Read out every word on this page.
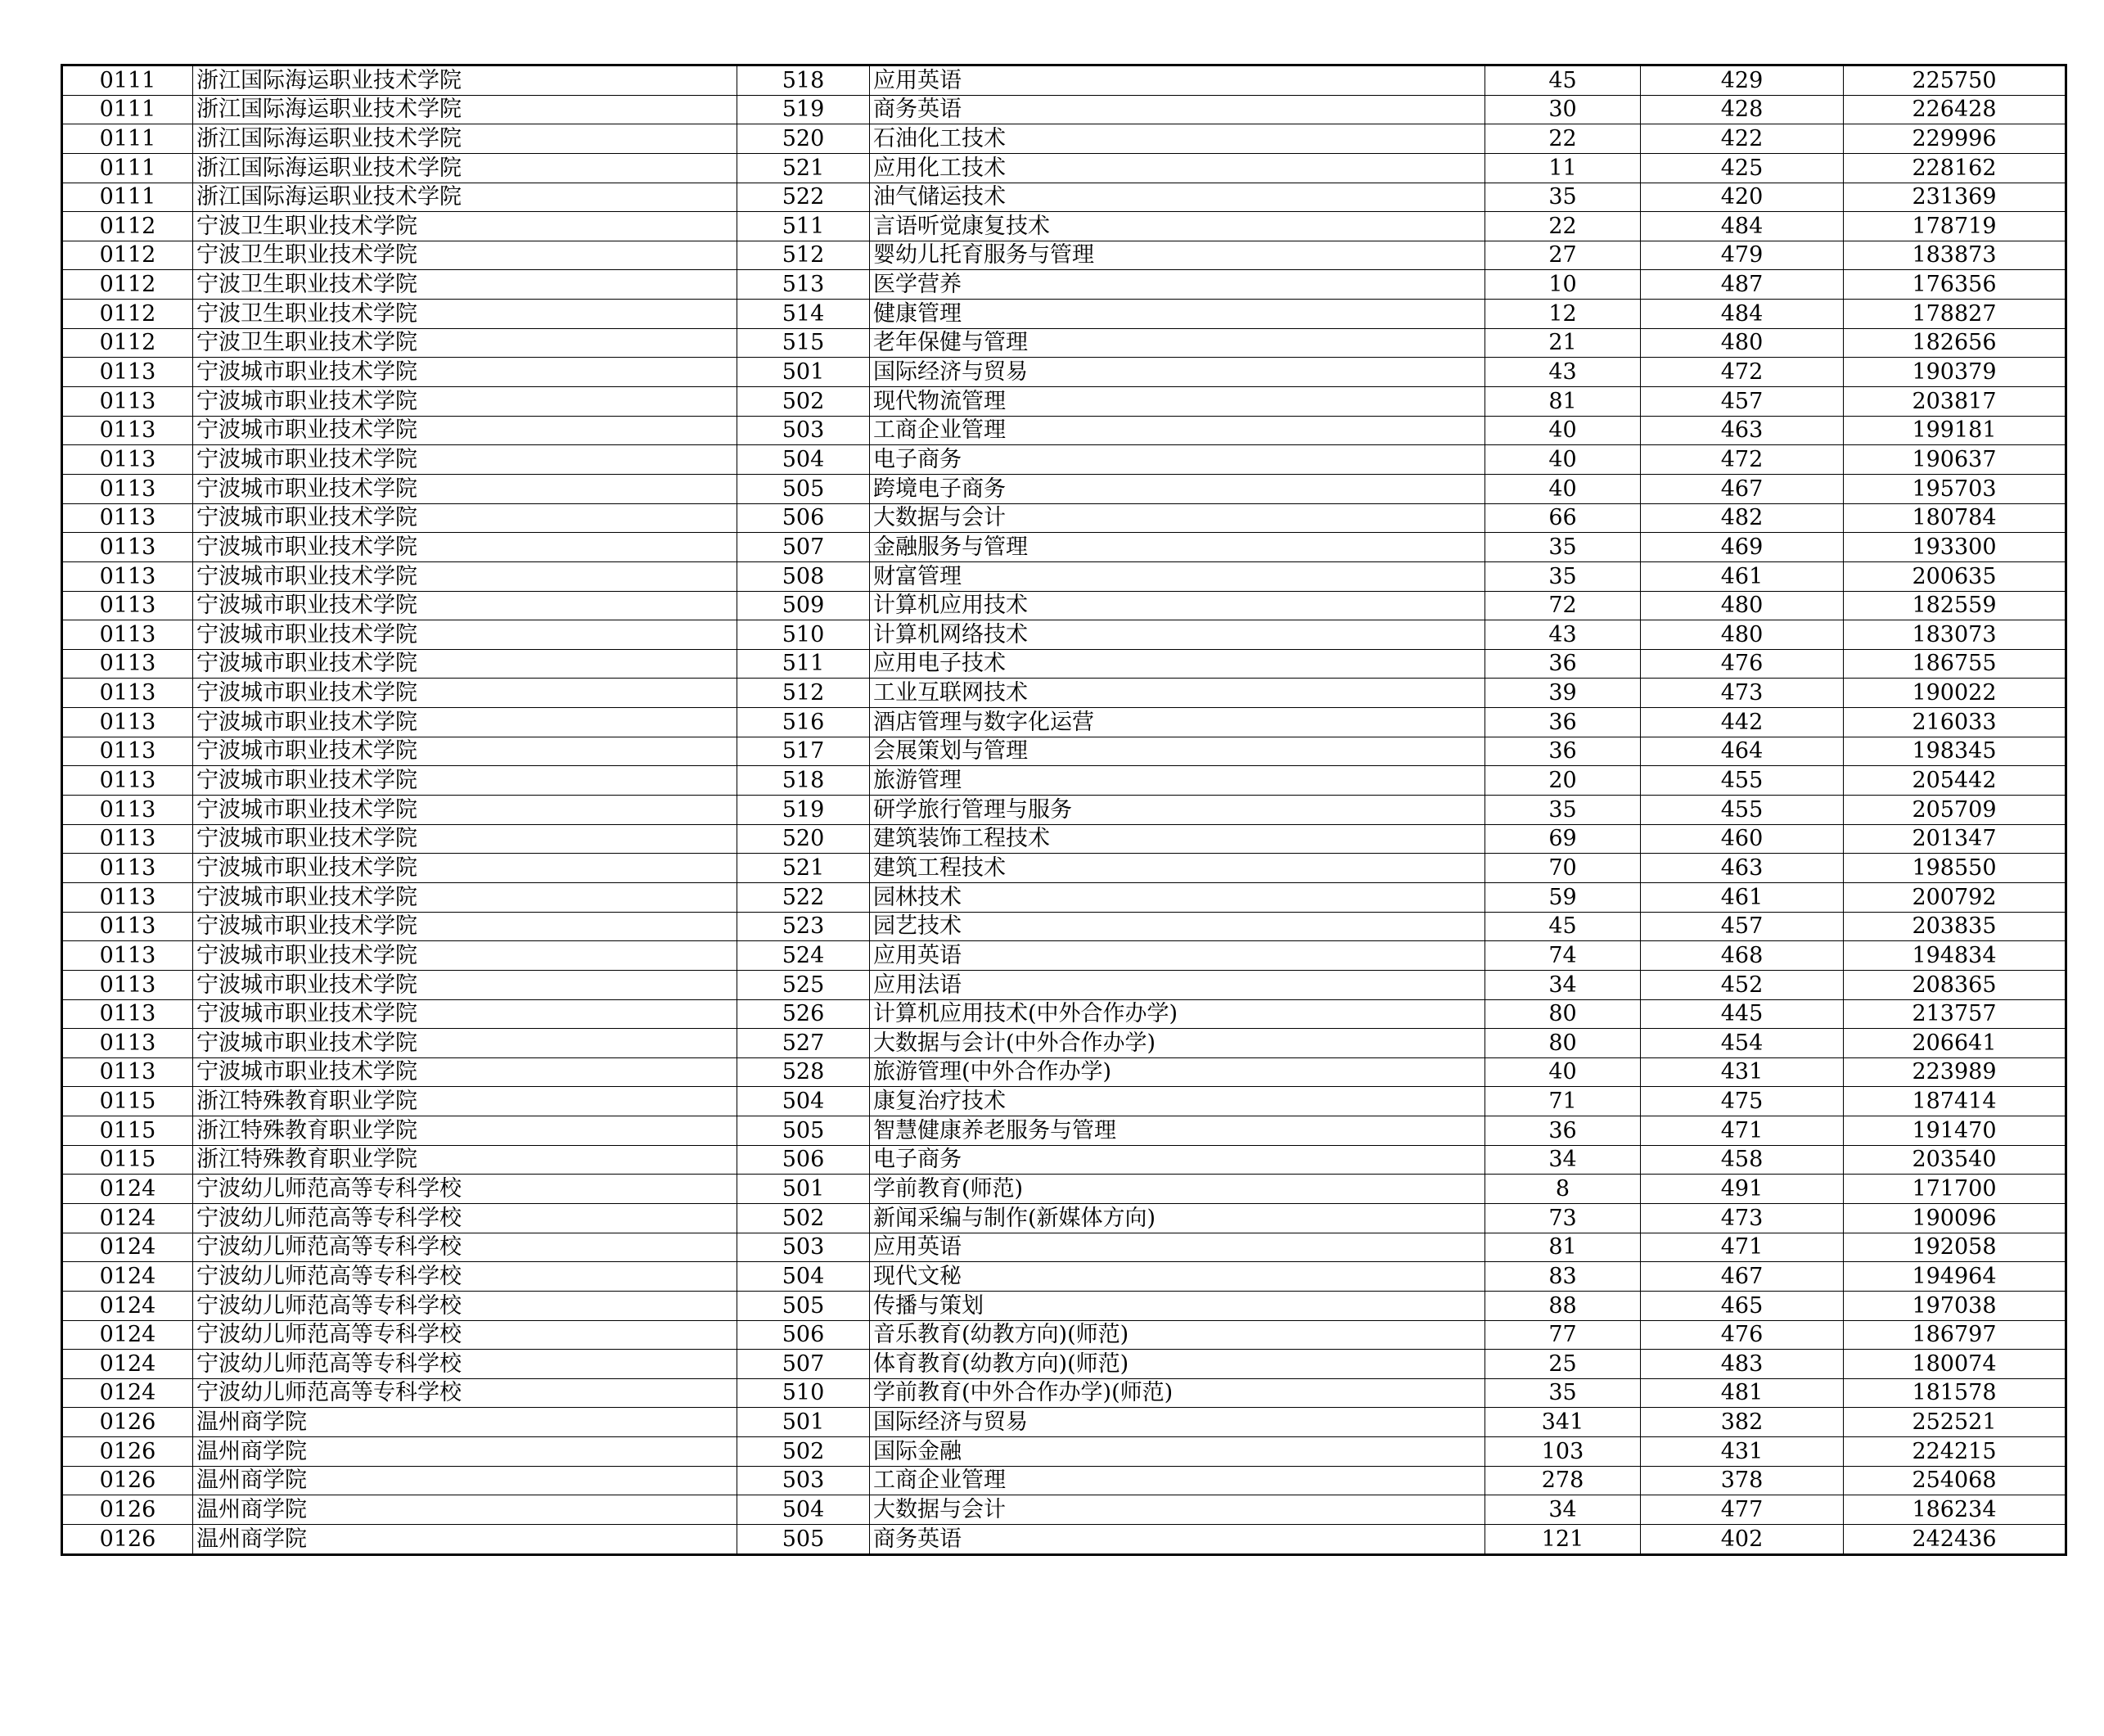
0111	浙江国际海运职业技术学院	518	应用英语	45	429	225750
0111	浙江国际海运职业技术学院	519	商务英语	30	428	226428
0111	浙江国际海运职业技术学院	520	石油化工技术	22	422	229996
0111	浙江国际海运职业技术学院	521	应用化工技术	11	425	228162
0111	浙江国际海运职业技术学院	522	油气储运技术	35	420	231369
0112	宁波卫生职业技术学院	511	言语听觉康复技术	22	484	178719
0112	宁波卫生职业技术学院	512	婴幼儿托育服务与管理	27	479	183873
0112	宁波卫生职业技术学院	513	医学营养	10	487	176356
0112	宁波卫生职业技术学院	514	健康管理	12	484	178827
0112	宁波卫生职业技术学院	515	老年保健与管理	21	480	182656
0113	宁波城市职业技术学院	501	国际经济与贸易	43	472	190379
0113	宁波城市职业技术学院	502	现代物流管理	81	457	203817
0113	宁波城市职业技术学院	503	工商企业管理	40	463	199181
0113	宁波城市职业技术学院	504	电子商务	40	472	190637
0113	宁波城市职业技术学院	505	跨境电子商务	40	467	195703
0113	宁波城市职业技术学院	506	大数据与会计	66	482	180784
0113	宁波城市职业技术学院	507	金融服务与管理	35	469	193300
0113	宁波城市职业技术学院	508	财富管理	35	461	200635
0113	宁波城市职业技术学院	509	计算机应用技术	72	480	182559
0113	宁波城市职业技术学院	510	计算机网络技术	43	480	183073
0113	宁波城市职业技术学院	511	应用电子技术	36	476	186755
0113	宁波城市职业技术学院	512	工业互联网技术	39	473	190022
0113	宁波城市职业技术学院	516	酒店管理与数字化运营	36	442	216033
0113	宁波城市职业技术学院	517	会展策划与管理	36	464	198345
0113	宁波城市职业技术学院	518	旅游管理	20	455	205442
0113	宁波城市职业技术学院	519	研学旅行管理与服务	35	455	205709
0113	宁波城市职业技术学院	520	建筑装饰工程技术	69	460	201347
0113	宁波城市职业技术学院	521	建筑工程技术	70	463	198550
0113	宁波城市职业技术学院	522	园林技术	59	461	200792
0113	宁波城市职业技术学院	523	园艺技术	45	457	203835
0113	宁波城市职业技术学院	524	应用英语	74	468	194834
0113	宁波城市职业技术学院	525	应用法语	34	452	208365
0113	宁波城市职业技术学院	526	计算机应用技术(中外合作办学)	80	445	213757
0113	宁波城市职业技术学院	527	大数据与会计(中外合作办学)	80	454	206641
0113	宁波城市职业技术学院	528	旅游管理(中外合作办学)	40	431	223989
0115	浙江特殊教育职业学院	504	康复治疗技术	71	475	187414
0115	浙江特殊教育职业学院	505	智慧健康养老服务与管理	36	471	191470
0115	浙江特殊教育职业学院	506	电子商务	34	458	203540
0124	宁波幼儿师范高等专科学校	501	学前教育(师范)	8	491	171700
0124	宁波幼儿师范高等专科学校	502	新闻采编与制作(新媒体方向)	73	473	190096
0124	宁波幼儿师范高等专科学校	503	应用英语	81	471	192058
0124	宁波幼儿师范高等专科学校	504	现代文秘	83	467	194964
0124	宁波幼儿师范高等专科学校	505	传播与策划	88	465	197038
0124	宁波幼儿师范高等专科学校	506	音乐教育(幼教方向)(师范)	77	476	186797
0124	宁波幼儿师范高等专科学校	507	体育教育(幼教方向)(师范)	25	483	180074
0124	宁波幼儿师范高等专科学校	510	学前教育(中外合作办学)(师范)	35	481	181578
0126	温州商学院	501	国际经济与贸易	341	382	252521
0126	温州商学院	502	国际金融	103	431	224215
0126	温州商学院	503	工商企业管理	278	378	254068
0126	温州商学院	504	大数据与会计	34	477	186234
0126	温州商学院	505	商务英语	121	402	242436
